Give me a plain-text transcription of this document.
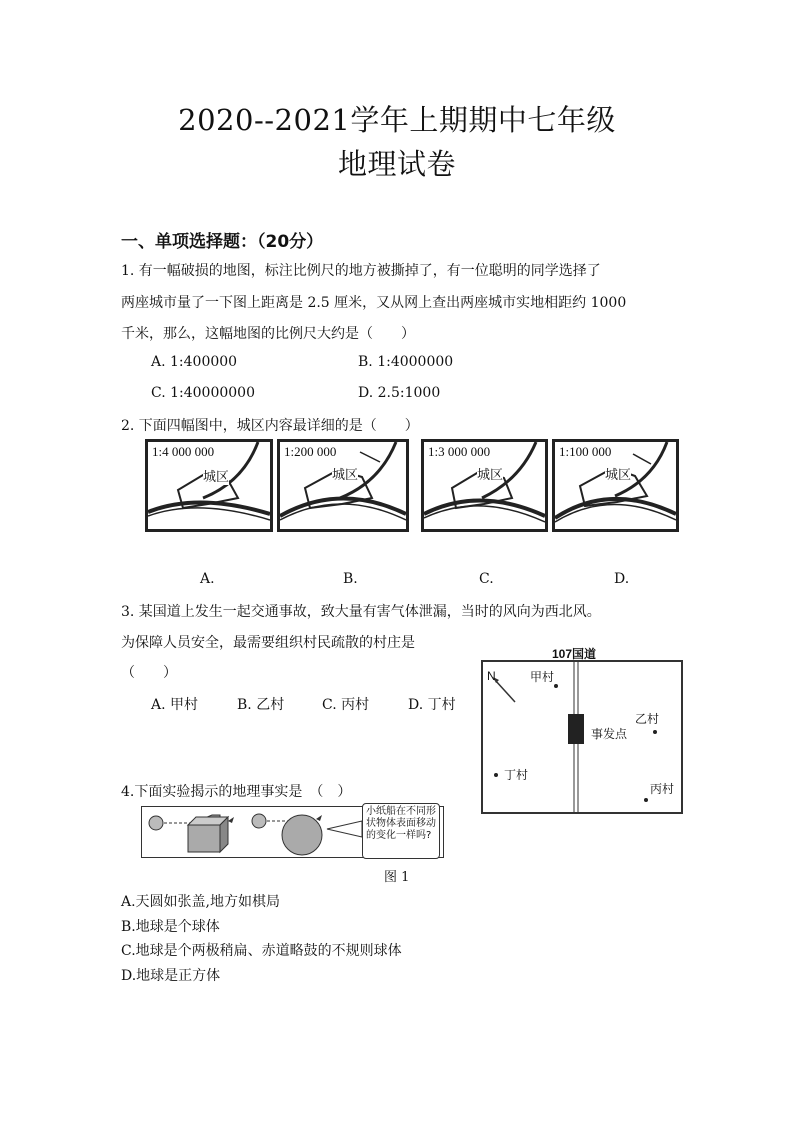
2020--2021学年上期期中七年级
地理试卷
一、单项选择题：（20分）
1. 有一幅破损的地图，标注比例尺的地方被撕掉了，有一位聪明的同学选择了
两座城市量了一下图上距离是 2.5 厘米，又从网上查出两座城市实地相距约 1000
千米，那么，这幅地图的比例尺大约是（　　）
A. 1:400000	B. 1:4000000
C. 1:40000000	D. 2.5:1000
2. 下面四幅图中，城区内容最详细的是（　　）
1:4 000 000
城区
1:200 000
城区
1:3 000 000
城区
1:100 000
城区
A.	B.	C.	D.
3. 某国道上发生一起交通事故，致大量有害气体泄漏，当时的风向为西北风。
为保障人员安全，最需要组织村民疏散的村庄是
（　　）
A. 甲村	B. 乙村	C. 丙村	D. 丁村
107国道
N	甲村
乙村
丙村
丁村
事发点
4.下面实验揭示的地理事实是　（　）
小纸船在不同形状物体表面移动的变化一样吗?
图 1
A.天圆如张盖,地方如棋局
B.地球是个球体
C.地球是个两极稍扁、赤道略鼓的不规则球体
D.地球是正方体
